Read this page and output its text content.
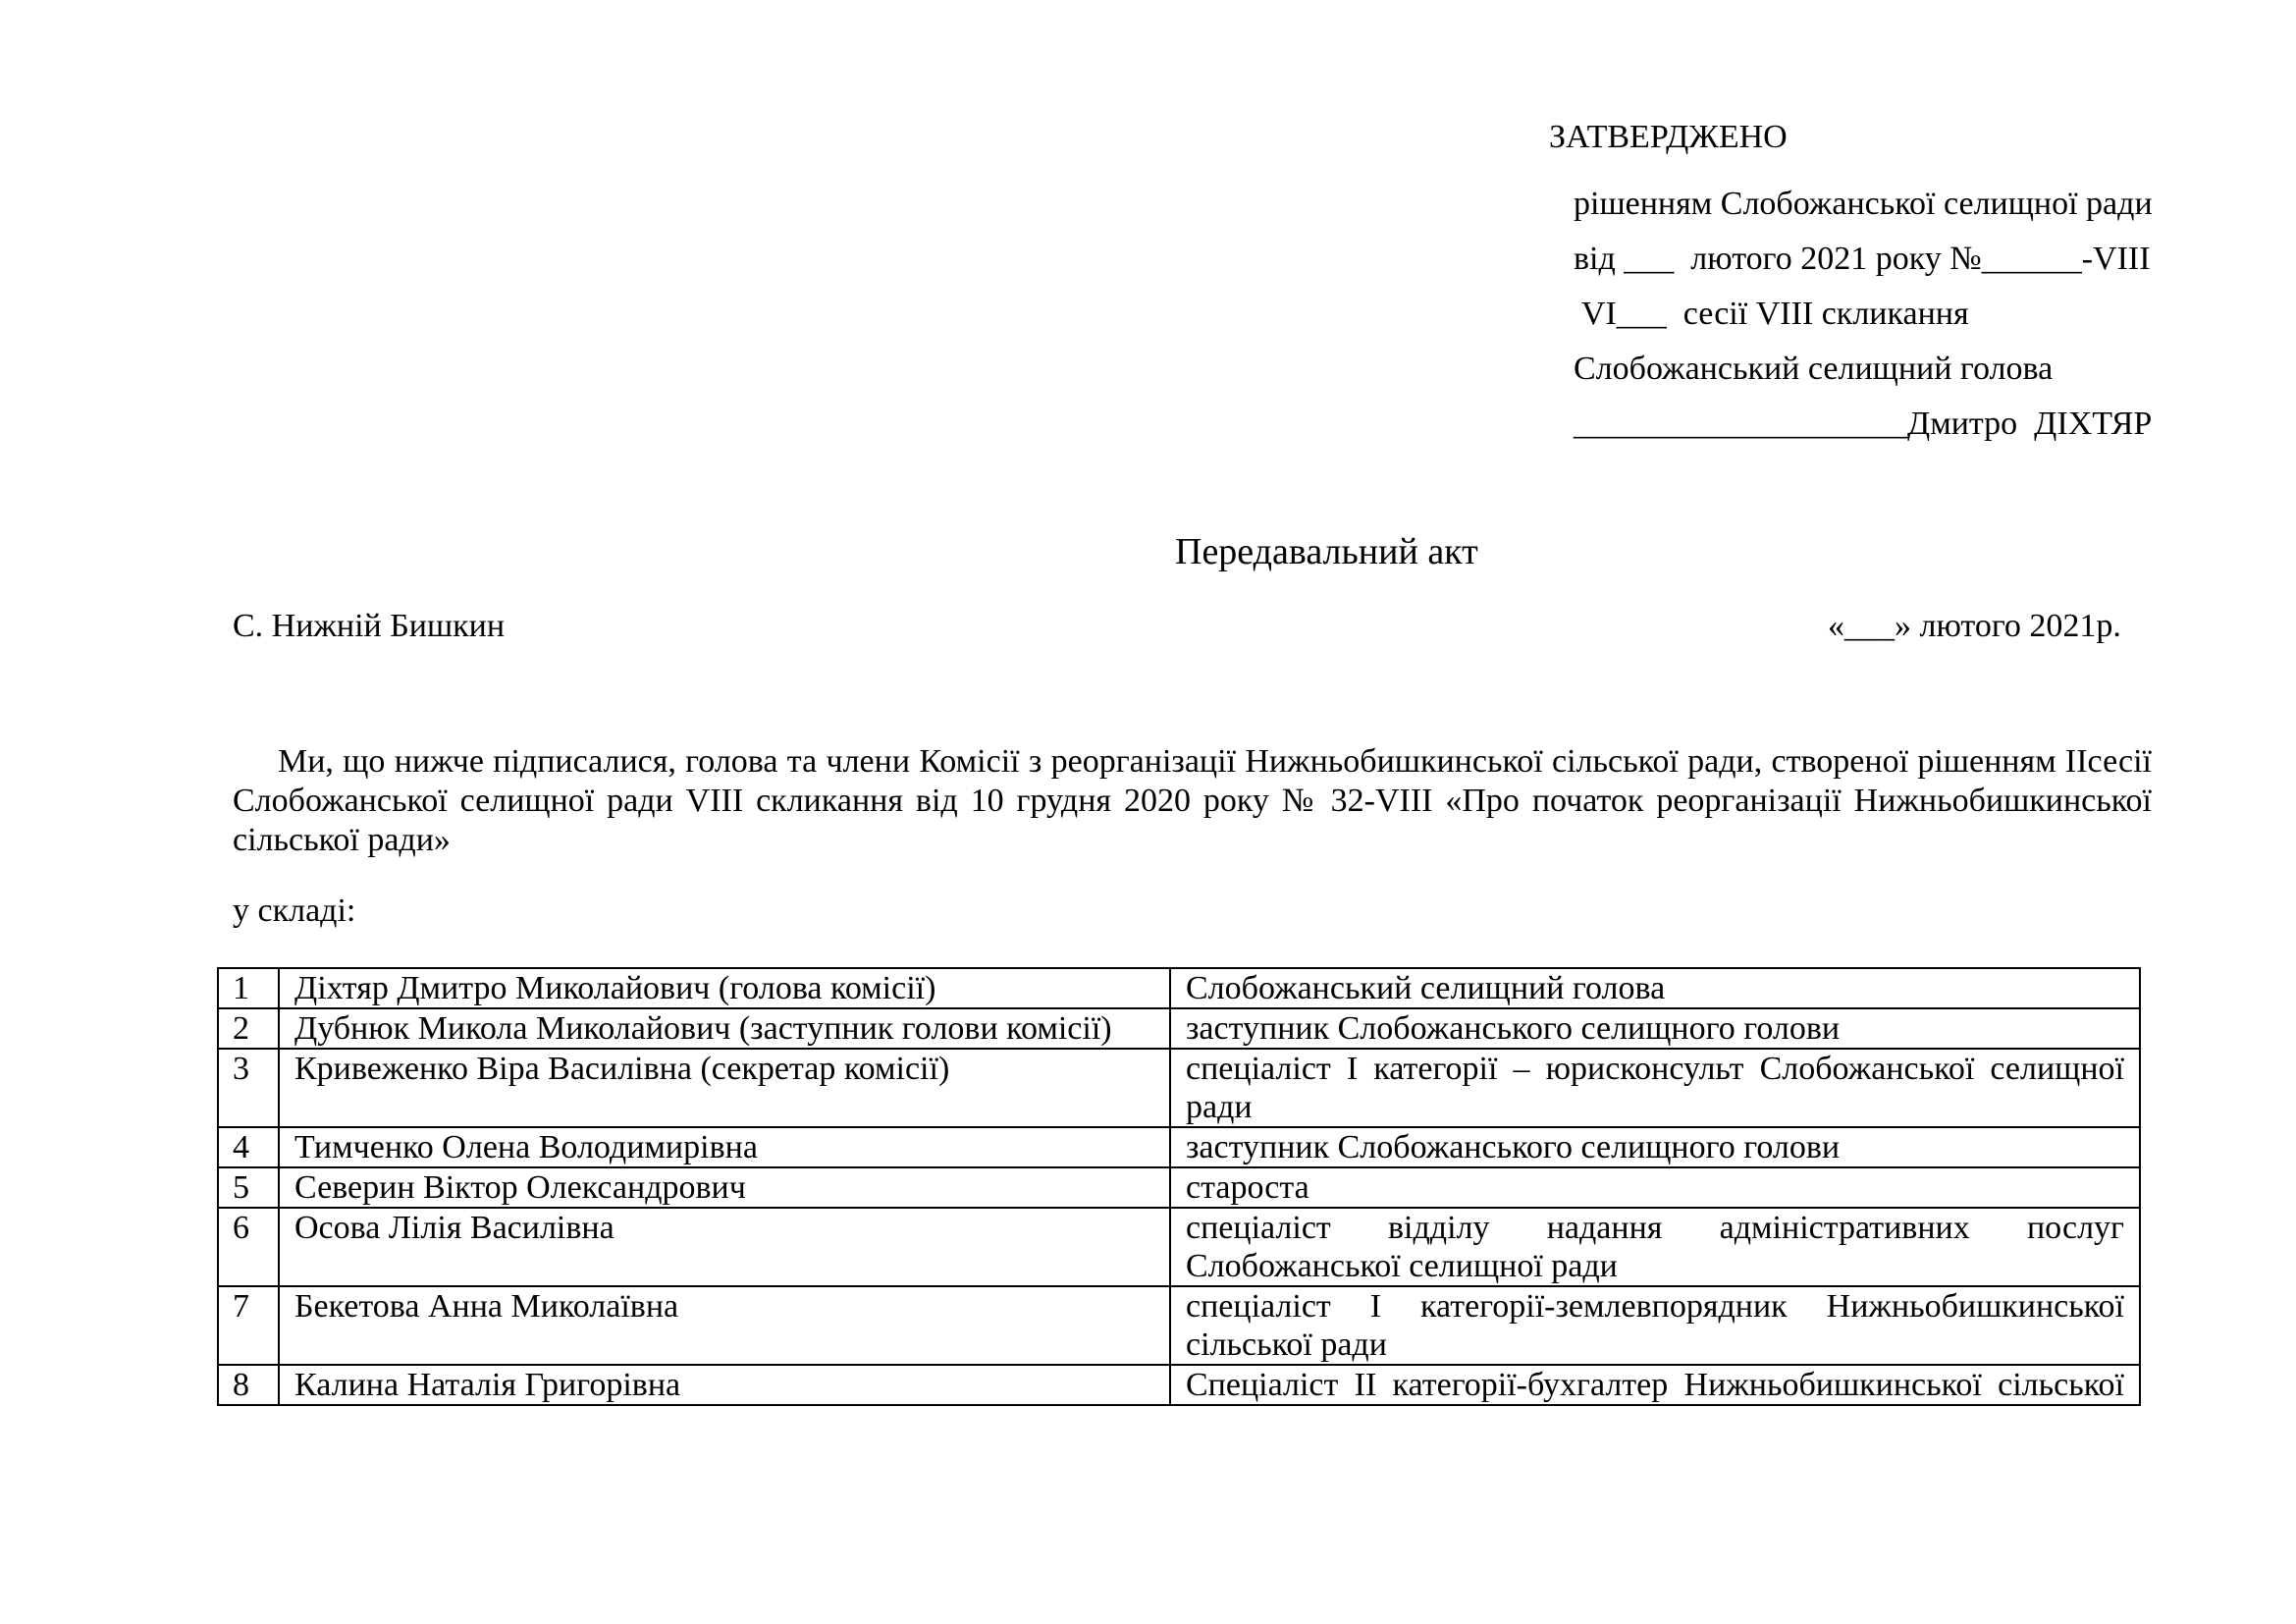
ЗАТВЕРДЖЕНО
рішенням Слобожанської селищної ради
від ___  лютого 2021 року №______-VIII
VI___  сесії VIII скликання
Слобожанський селищний голова
____________________Дмитро  ДІХТЯР
Передавальний акт
С. Нижній Бишкин	«___» лютого 2021р.
Ми, що нижче підписалися, голова та члени Комісії з реорганізації Нижньобишкинської сільської ради, створеної рішенням IIсесії Слобожанської селищної ради VIII скликання від 10 грудня 2020 року № 32-VIII «Про початок реорганізації Нижньобишкинської сільської ради»
у складі:
1	Діхтяр Дмитро Миколайович (голова комісії)	Слобожанський селищний голова
2	Дубнюк Микола Миколайович (заступник голови комісії)	заступник Слобожанського селищного голови
3	Кривеженко Віра Василівна (секретар комісії)	спеціаліст І категорії – юрисконсульт Слобожанської селищної ради
4	Тимченко Олена Володимирівна	заступник Слобожанського селищного голови
5	Северин Віктор Олександрович	староста
6	Осова Лілія Василівна	спеціаліст відділу надання адміністративних послуг Слобожанської селищної ради
7	Бекетова Анна Миколаївна	спеціаліст І категорії-землевпорядник Нижньобишкинської сільської ради
8	Калина Наталія Григорівна	Спеціаліст ІІ категорії-бухгалтер Нижньобишкинської сільської
